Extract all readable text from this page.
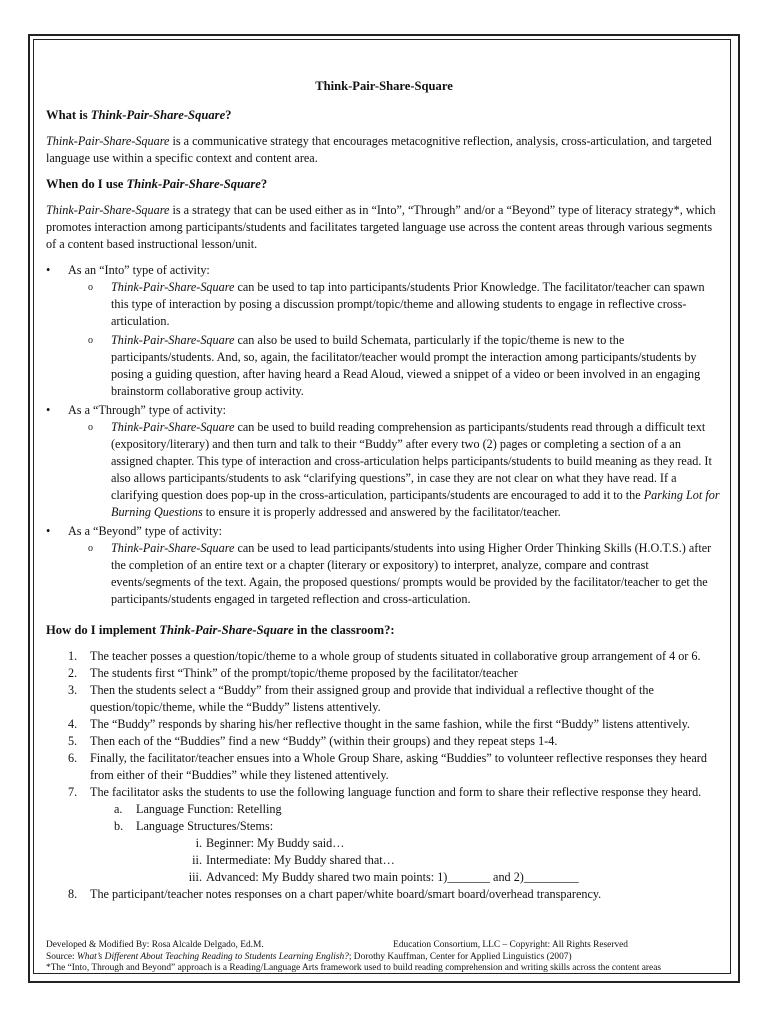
Think-Pair-Share-Square
What is Think-Pair-Share-Square?
Think-Pair-Share-Square is a communicative strategy that encourages metacognitive reflection, analysis, cross-articulation, and targeted language use within a specific context and content area.
When do I use Think-Pair-Share-Square?
Think-Pair-Share-Square is a strategy that can be used either as in “Into”, “Through” and/or a “Beyond” type of literacy strategy*, which promotes interaction among participants/students and facilitates targeted language use across the content areas through various segments of a content based instructional lesson/unit.
• As an “Into” type of activity:
o Think-Pair-Share-Square can be used to tap into participants/students Prior Knowledge. The facilitator/teacher can spawn this type of interaction by posing a discussion prompt/topic/theme and allowing students to engage in reflective cross-articulation.
o Think-Pair-Share-Square can also be used to build Schemata, particularly if the topic/theme is new to the participants/students. And, so, again, the facilitator/teacher would prompt the interaction among participants/students by posing a guiding question, after having heard a Read Aloud, viewed a snippet of a video or been involved in an engaging brainstorm collaborative group activity.
• As a “Through” type of activity:
o Think-Pair-Share-Square can be used to build reading comprehension as participants/students read through a difficult text (expository/literary) and then turn and talk to their “Buddy” after every two (2) pages or completing a section of a an assigned chapter. This type of interaction and cross-articulation helps participants/students to build meaning as they read. It also allows participants/students to ask “clarifying questions”, in case they are not clear on what they have read. If a clarifying question does pop-up in the cross-articulation, participants/students are encouraged to add it to the Parking Lot for Burning Questions to ensure it is properly addressed and answered by the facilitator/teacher.
• As a “Beyond” type of activity:
o Think-Pair-Share-Square can be used to lead participants/students into using Higher Order Thinking Skills (H.O.T.S.) after the completion of an entire text or a chapter (literary or expository) to interpret, analyze, compare and contrast events/segments of the text. Again, the proposed questions/ prompts would be provided by the facilitator/teacher to get the participants/students engaged in targeted reflection and cross-articulation.
How do I implement Think-Pair-Share-Square in the classroom?:
1. The teacher posses a question/topic/theme to a whole group of students situated in collaborative group arrangement of 4 or 6.
2. The students first “Think” of the prompt/topic/theme proposed by the facilitator/teacher
3. Then the students select a “Buddy” from their assigned group and provide that individual a reflective thought of the question/topic/theme, while the “Buddy” listens attentively.
4. The “Buddy” responds by sharing his/her reflective thought in the same fashion, while the first “Buddy” listens attentively.
5. Then each of the “Buddies” find a new “Buddy” (within their groups) and they repeat steps 1-4.
6. Finally, the facilitator/teacher ensues into a Whole Group Share, asking “Buddies” to volunteer reflective responses they heard from either of their “Buddies” while they listened attentively.
7. The facilitator asks the students to use the following language function and form to share their reflective response they heard.
a. Language Function: Retelling
b. Language Structures/Stems:
i. Beginner: My Buddy said…
ii. Intermediate: My Buddy shared that…
iii. Advanced: My Buddy shared two main points: 1)_______ and 2)_________
8. The participant/teacher notes responses on a chart paper/white board/smart board/overhead transparency.
Developed & Modified By: Rosa Alcalde Delgado, Ed.M.	Education Consortium, LLC – Copyright: All Rights Reserved
Source: What’s Different About Teaching Reading to Students Learning English?; Dorothy Kauffman, Center for Applied Linguistics (2007)
*The “Into, Through and Beyond” approach is a Reading/Language Arts framework used to build reading comprehension and writing skills across the content areas
